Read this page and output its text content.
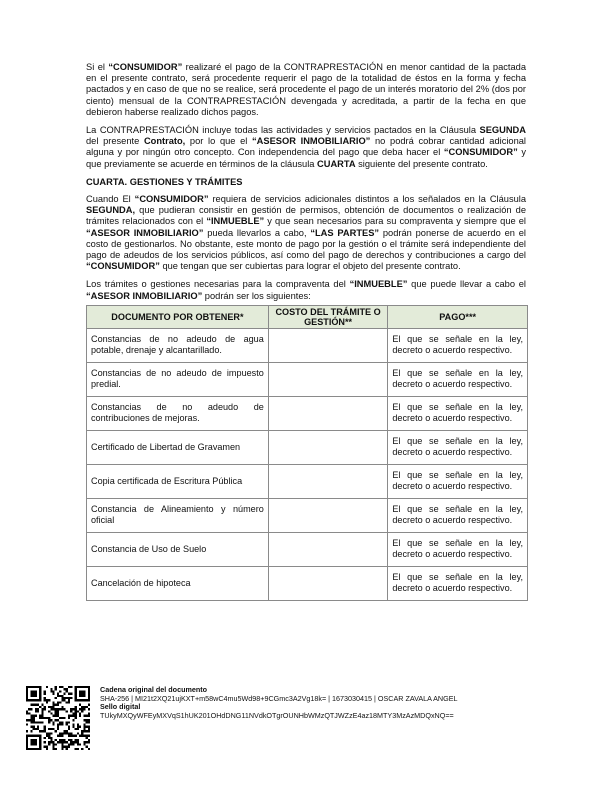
Si el “CONSUMIDOR” realizaré el pago de la CONTRAPRESTACIÓN en menor cantidad de la pactada en el presente contrato, será procedente requerir el pago de la totalidad de éstos en la forma y fecha pactados y en caso de que no se realice, será procedente el pago de un interés moratorio del 2% (dos por ciento) mensual de la CONTRAPRESTACIÓN devengada y acreditada, a partir de la fecha en que debieron haberse realizado dichos pagos.

La CONTRAPRESTACIÓN incluye todas las actividades y servicios pactados en la Cláusula SEGUNDA del presente Contrato, por lo que el “ASESOR INMOBILIARIO” no podrá cobrar cantidad adicional alguna y por ningún otro concepto. Con independencia del pago que deba hacer el “CONSUMIDOR” y que previamente se acuerde en términos de la cláusula CUARTA siguiente del presente contrato.

CUARTA. GESTIONES Y TRÁMITES

Cuando El “CONSUMIDOR” requiera de servicios adicionales distintos a los señalados en la Cláusula SEGUNDA, que pudieran consistir en gestión de permisos, obtención de documentos o realización de trámites relacionados con el “INMUEBLE” y que sean necesarios para su compraventa y siempre que el “ASESOR INMOBILIARIO” pueda llevarlos a cabo, “LAS PARTES” podrán ponerse de acuerdo en el costo de gestionarlos. No obstante, este monto de pago por la gestión o el trámite será independiente del pago de adeudos de los servicios públicos, así como del pago de derechos y contribuciones a cargo del “CONSUMIDOR” que tengan que ser cubiertas para lograr el objeto del presente contrato.

Los trámites o gestiones necesarias para la compraventa del “INMUEBLE” que puede llevar a cabo el “ASESOR INMOBILIARIO” podrán ser los siguientes:

DOCUMENTO POR OBTENER*	COSTO DEL TRÁMITE O GESTIÓN**	PAGO***
Constancias de no adeudo de agua potable, drenaje y alcantarillado.		El que se señale en la ley, decreto o acuerdo respectivo.
Constancias de no adeudo de impuesto predial.		El que se señale en la ley, decreto o acuerdo respectivo.
Constancias de no adeudo de contribuciones de mejoras.		El que se señale en la ley, decreto o acuerdo respectivo.
Certificado de Libertad de Gravamen		El que se señale en la ley, decreto o acuerdo respectivo.
Copia certificada de Escritura Pública		El que se señale en la ley, decreto o acuerdo respectivo.
Constancia de Alineamiento y número oficial		El que se señale en la ley, decreto o acuerdo respectivo.
Constancia de Uso de Suelo		El que se señale en la ley, decreto o acuerdo respectivo.
Cancelación de hipoteca		El que se señale en la ley, decreto o acuerdo respectivo.
Cadena original del documento
SHA-256 | MI21t2XQ21ujKXT+m58wC4mu5Wd98+9CGmc3A2Vg18k= | 1673030415 | OSCAR ZAVALA ANGEL
Sello digital
TUkyMXQyWFEyMXVqS1hUK201OHdDNG11NVdkOTgrOUNHbWMzQTJWZzE4az18MTY3MzAzMDQxNQ==
